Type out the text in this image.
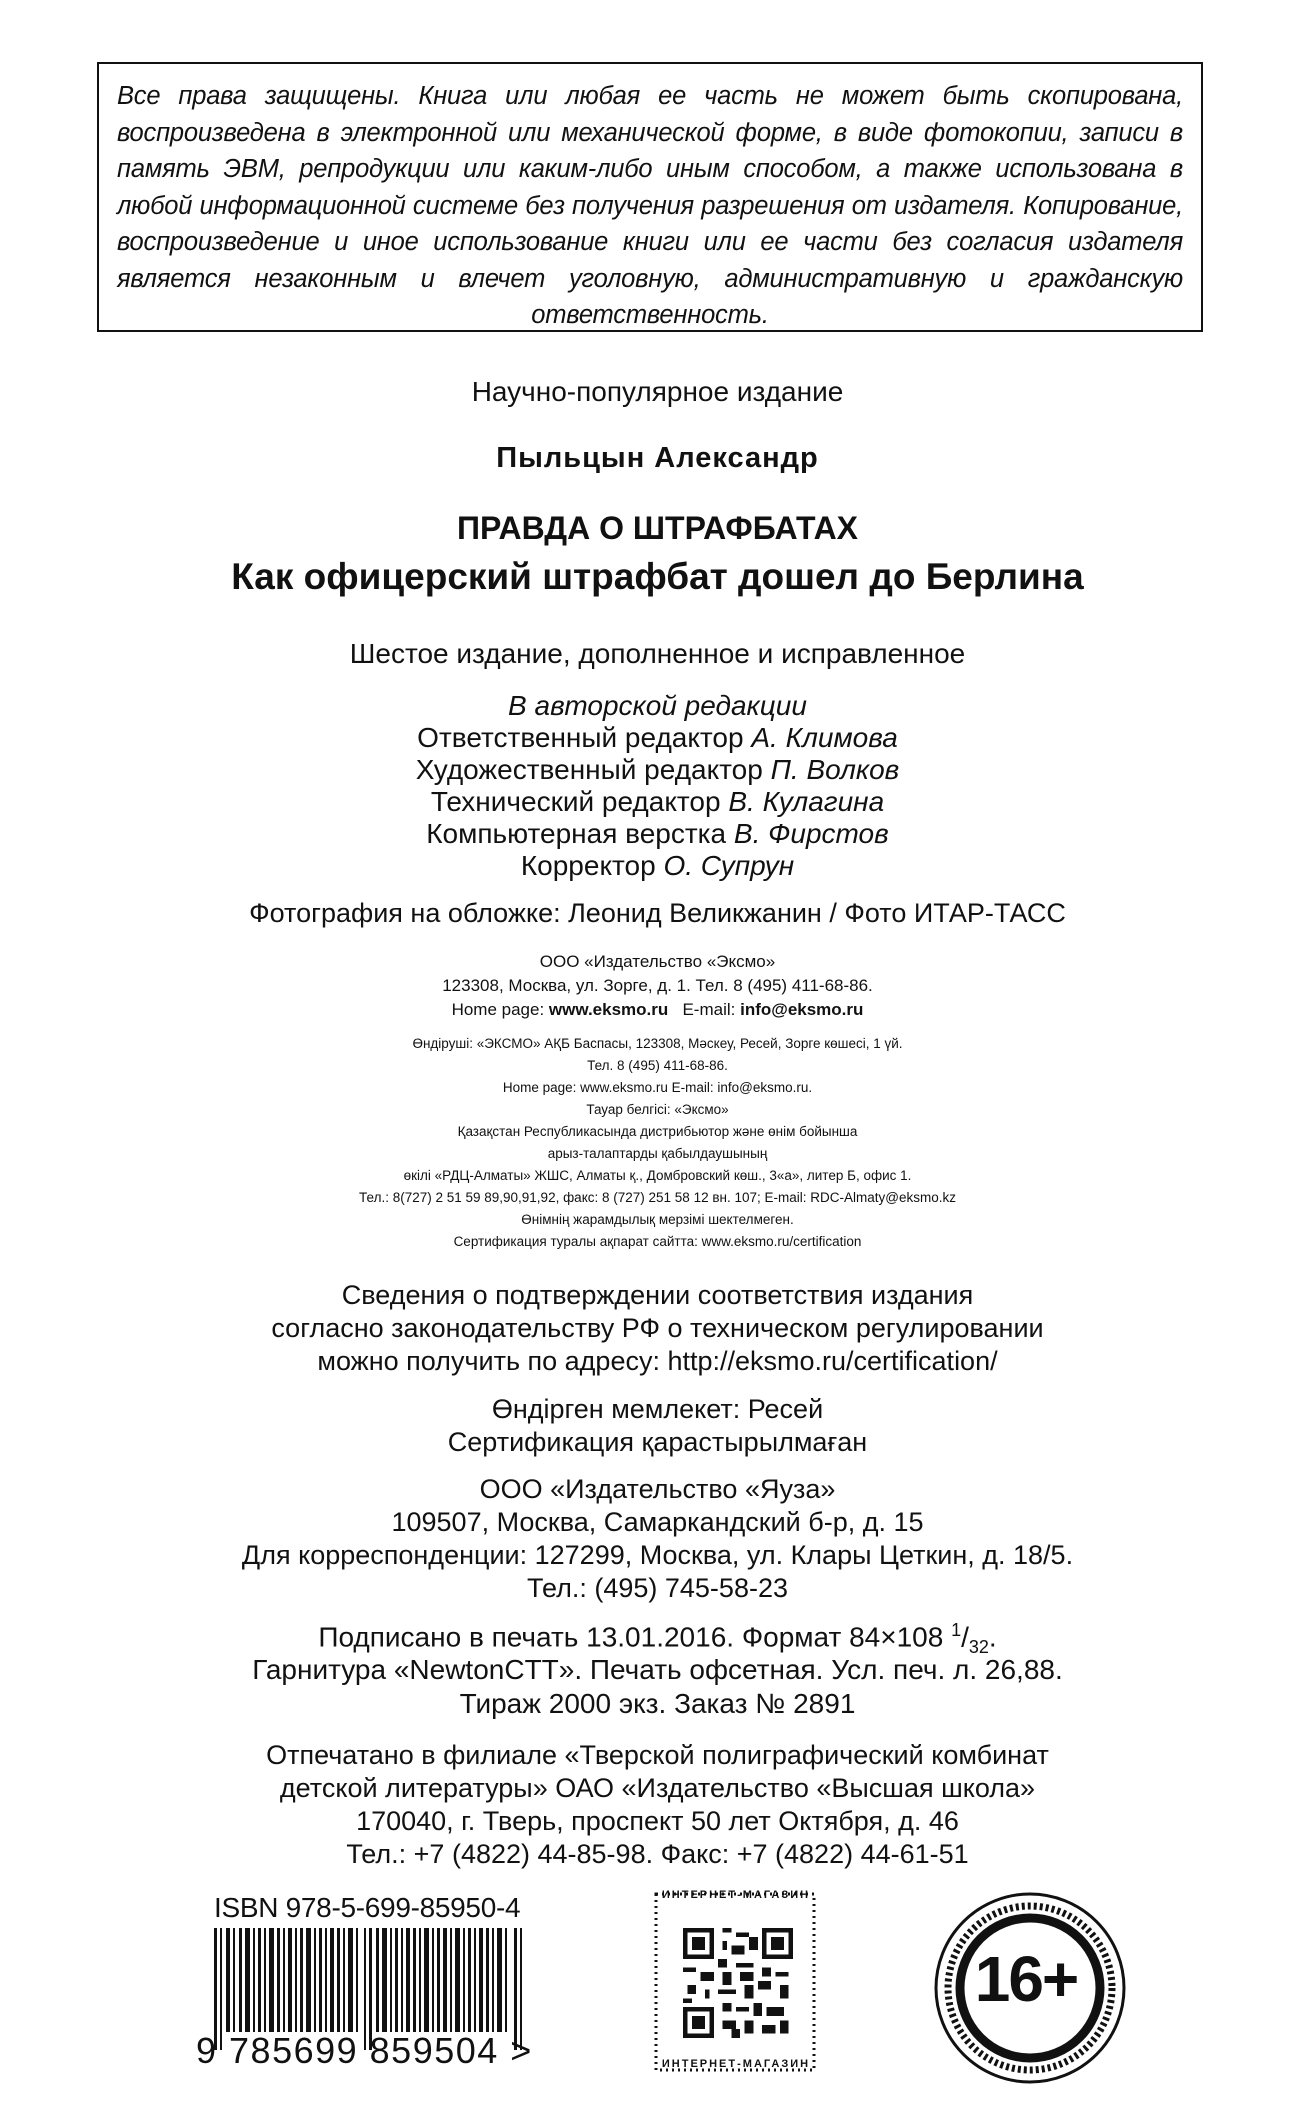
Все права защищены. Книга или любая ее часть не может быть скопирована, воспроизведена в электронной или механической форме, в виде фотокопии, записи в память ЭВМ, репродукции или каким-либо иным способом, а также использована в любой информационной системе без получения разрешения от издателя. Копирование, воспроизведение и иное использование книги или ее части без согласия издателя является незаконным и влечет уголовную, административную и гражданскую ответственность.
Научно-популярное издание
Пыльцын Александр
ПРАВДА О ШТРАФБАТАХ
Как офицерский штрафбат дошел до Берлина
Шестое издание, дополненное и исправленное
В авторской редакции
Ответственный редактор А. Климова
Художественный редактор П. Волков
Технический редактор В. Кулагина
Компьютерная верстка В. Фирстов
Корректор О. Супрун
Фотография на обложке: Леонид Великжанин / Фото ИТАР-ТАСС
ООО «Издательство «Эксмо»
123308, Москва, ул. Зорге, д. 1. Тел. 8 (495) 411-68-86.
Home page: www.eksmo.ru E-mail: info@eksmo.ru
Өндіруші: «ЭКСМО» АҚБ Баспасы, 123308, Мәскеу, Ресей, Зорге көшесі, 1 үй.
Тел. 8 (495) 411-68-86.
Home page: www.eksmo.ru E-mail: info@eksmo.ru.
Тауар белгісі: «Эксмо»
Қазақстан Республикасында дистрибьютор және өнім бойынша
арыз-талаптарды қабылдаушының
өкілі «РДЦ-Алматы» ЖШС, Алматы қ., Домбровский көш., 3«а», литер Б, офис 1.
Тел.: 8(727) 2 51 59 89,90,91,92, факс: 8 (727) 251 58 12 вн. 107; E-mail: RDC-Almaty@eksmo.kz
Өнімнің жарамдылық мерзімі шектелмеген.
Сертификация туралы ақпарат сайтта: www.eksmo.ru/certification
Сведения о подтверждении соответствия издания
согласно законодательству РФ о техническом регулировании
можно получить по адресу: http://eksmo.ru/certification/
Өндірген мемлекет: Ресей
Сертификация қарастырылмаған
ООО «Издательство «Яуза»
109507, Москва, Самаркандский б-р, д. 15
Для корреспонденции: 127299, Москва, ул. Клары Цеткин, д. 18/5.
Тел.: (495) 745-58-23
Подписано в печать 13.01.2016. Формат 84×108 $^1/_{32}$.
Гарнитура «NewtonCTT». Печать офсетная. Усл. печ. л. 26,88.
Тираж 2000 экз. Заказ № 2891
Отпечатано в филиале «Тверской полиграфический комбинат
детской литературы» ОАО «Издательство «Высшая школа»
170040, г. Тверь, проспект 50 лет Октября, д. 46
Тел.: +7 (4822) 44-85-98. Факс: +7 (4822) 44-61-51
ISBN 978-5-699-85950-4
9 785699 859504 >
ИНТЕРНЕТ-МАГАЗИН
ИНТЕРНЕТ-МАГАЗИН
16+
